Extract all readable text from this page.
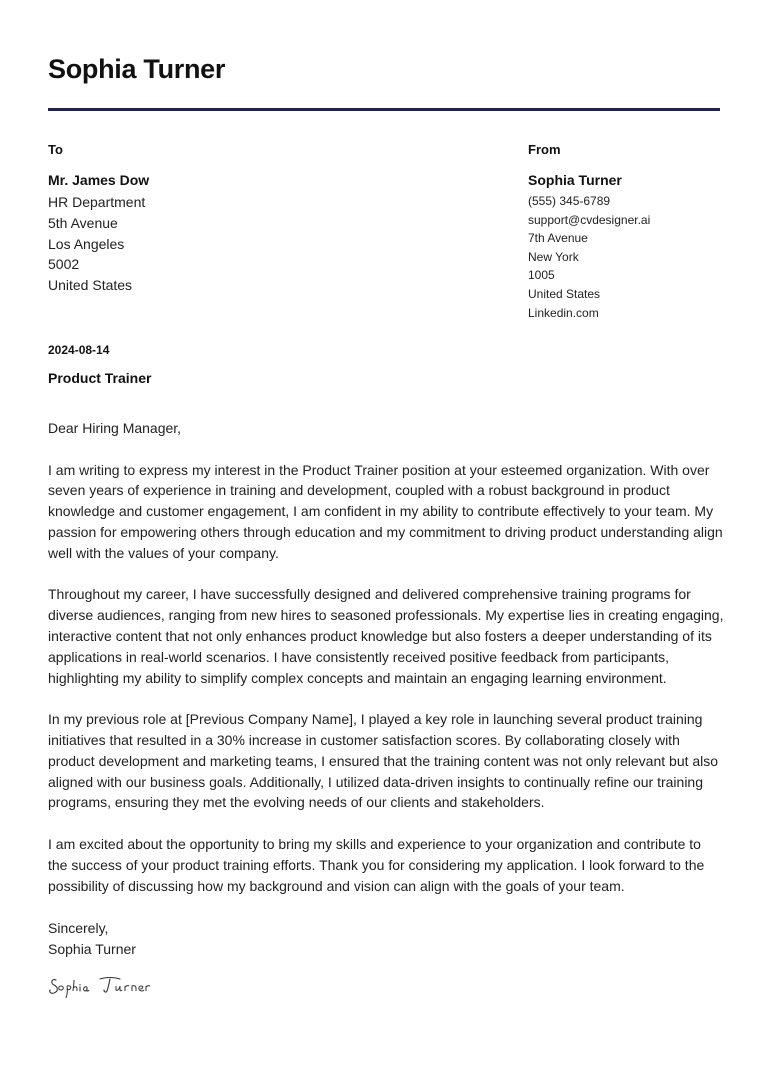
Sophia Turner
To
Mr. James Dow
HR Department
5th Avenue
Los Angeles
5002
United States
From
Sophia Turner
(555) 345-6789
support@cvdesigner.ai
7th Avenue
New York
1005
United States
Linkedin.com
2024-08-14
Product Trainer

Dear Hiring Manager,

I am writing to express my interest in the Product Trainer position at your esteemed organization. With over seven years of experience in training and development, coupled with a robust background in product knowledge and customer engagement, I am confident in my ability to contribute effectively to your team. My passion for empowering others through education and my commitment to driving product understanding align well with the values of your company.

Throughout my career, I have successfully designed and delivered comprehensive training programs for diverse audiences, ranging from new hires to seasoned professionals. My expertise lies in creating engaging, interactive content that not only enhances product knowledge but also fosters a deeper understanding of its applications in real-world scenarios. I have consistently received positive feedback from participants, highlighting my ability to simplify complex concepts and maintain an engaging learning environment.

In my previous role at [Previous Company Name], I played a key role in launching several product training initiatives that resulted in a 30% increase in customer satisfaction scores. By collaborating closely with product development and marketing teams, I ensured that the training content was not only relevant but also aligned with our business goals. Additionally, I utilized data-driven insights to continually refine our training programs, ensuring they met the evolving needs of our clients and stakeholders.

I am excited about the opportunity to bring my skills and experience to your organization and contribute to the success of your product training efforts. Thank you for considering my application. I look forward to the possibility of discussing how my background and vision can align with the goals of your team.

Sincerely,
Sophia Turner
